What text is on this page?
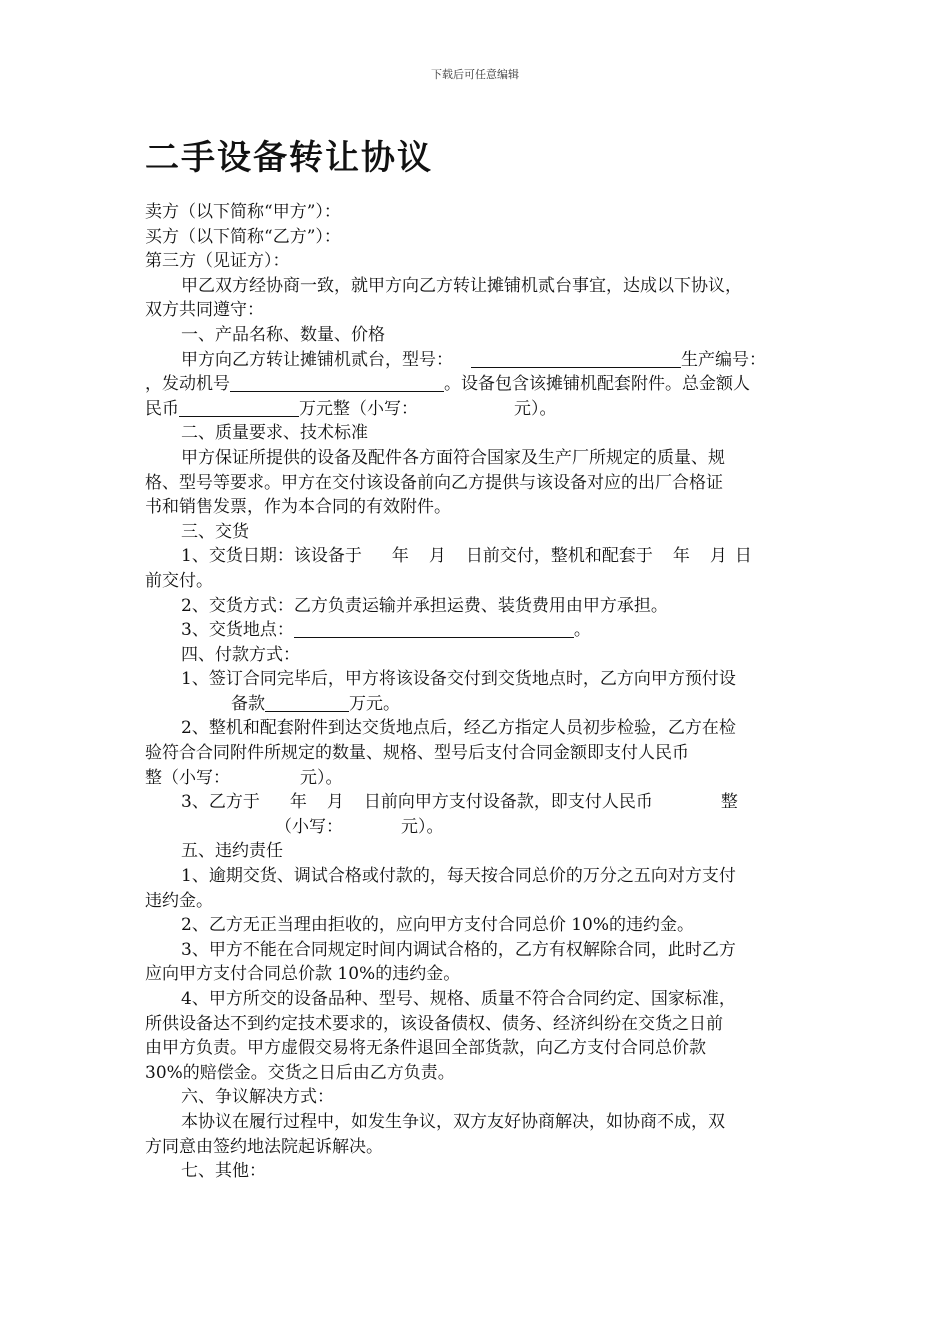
下载后可任意编辑
二手设备转让协议
卖方（以下简称“甲方”）：
买方（以下简称“乙方”）：
第三方（见证方）：
甲乙双方经协商一致，就甲方向乙方转让摊铺机贰台事宜，达成以下协议，
双方共同遵守：
一、产品名称、数量、价格
甲方向乙方转让摊铺机贰台，型号：	生产编号：
，发动机号	。设备包含该摊铺机配套附件。总金额人
民币	万元整（小写：	元）。
二、质量要求、技术标准
甲方保证所提供的设备及配件各方面符合国家及生产厂所规定的质量、规
格、型号等要求。甲方在交付该设备前向乙方提供与该设备对应的出厂合格证
书和销售发票，作为本合同的有效附件。
三、交货
1、交货日期：该设备于 年 月 日前交付，整机和配套于 年 月 日
前交付。
2、交货方式：乙方负责运输并承担运费、装货费用由甲方承担。
3、交货地点：	。
四、付款方式：
1、签订合同完毕后，甲方将该设备交付到交货地点时，乙方向甲方预付设
备款	万元。
2、整机和配套附件到达交货地点后，经乙方指定人员初步检验，乙方在检
验符合合同附件所规定的数量、规格、型号后支付合同金额即支付人民币
整（小写：	元）。
3、乙方于 年 月 日前向甲方支付设备款，即支付人民币	整
（小写：	元）。
五、违约责任
1、逾期交货、调试合格或付款的，每天按合同总价的万分之五向对方支付
违约金。
2、乙方无正当理由拒收的，应向甲方支付合同总价 10%的违约金。
3、甲方不能在合同规定时间内调试合格的，乙方有权解除合同，此时乙方
应向甲方支付合同总价款 10%的违约金。
4、甲方所交的设备品种、型号、规格、质量不符合合同约定、国家标准，
所供设备达不到约定技术要求的，该设备债权、债务、经济纠纷在交货之日前
由甲方负责。甲方虚假交易将无条件退回全部货款，向乙方支付合同总价款
30%的赔偿金。交货之日后由乙方负责。
六、争议解决方式：
本协议在履行过程中，如发生争议，双方友好协商解决，如协商不成，双
方同意由签约地法院起诉解决。
七、其他：
